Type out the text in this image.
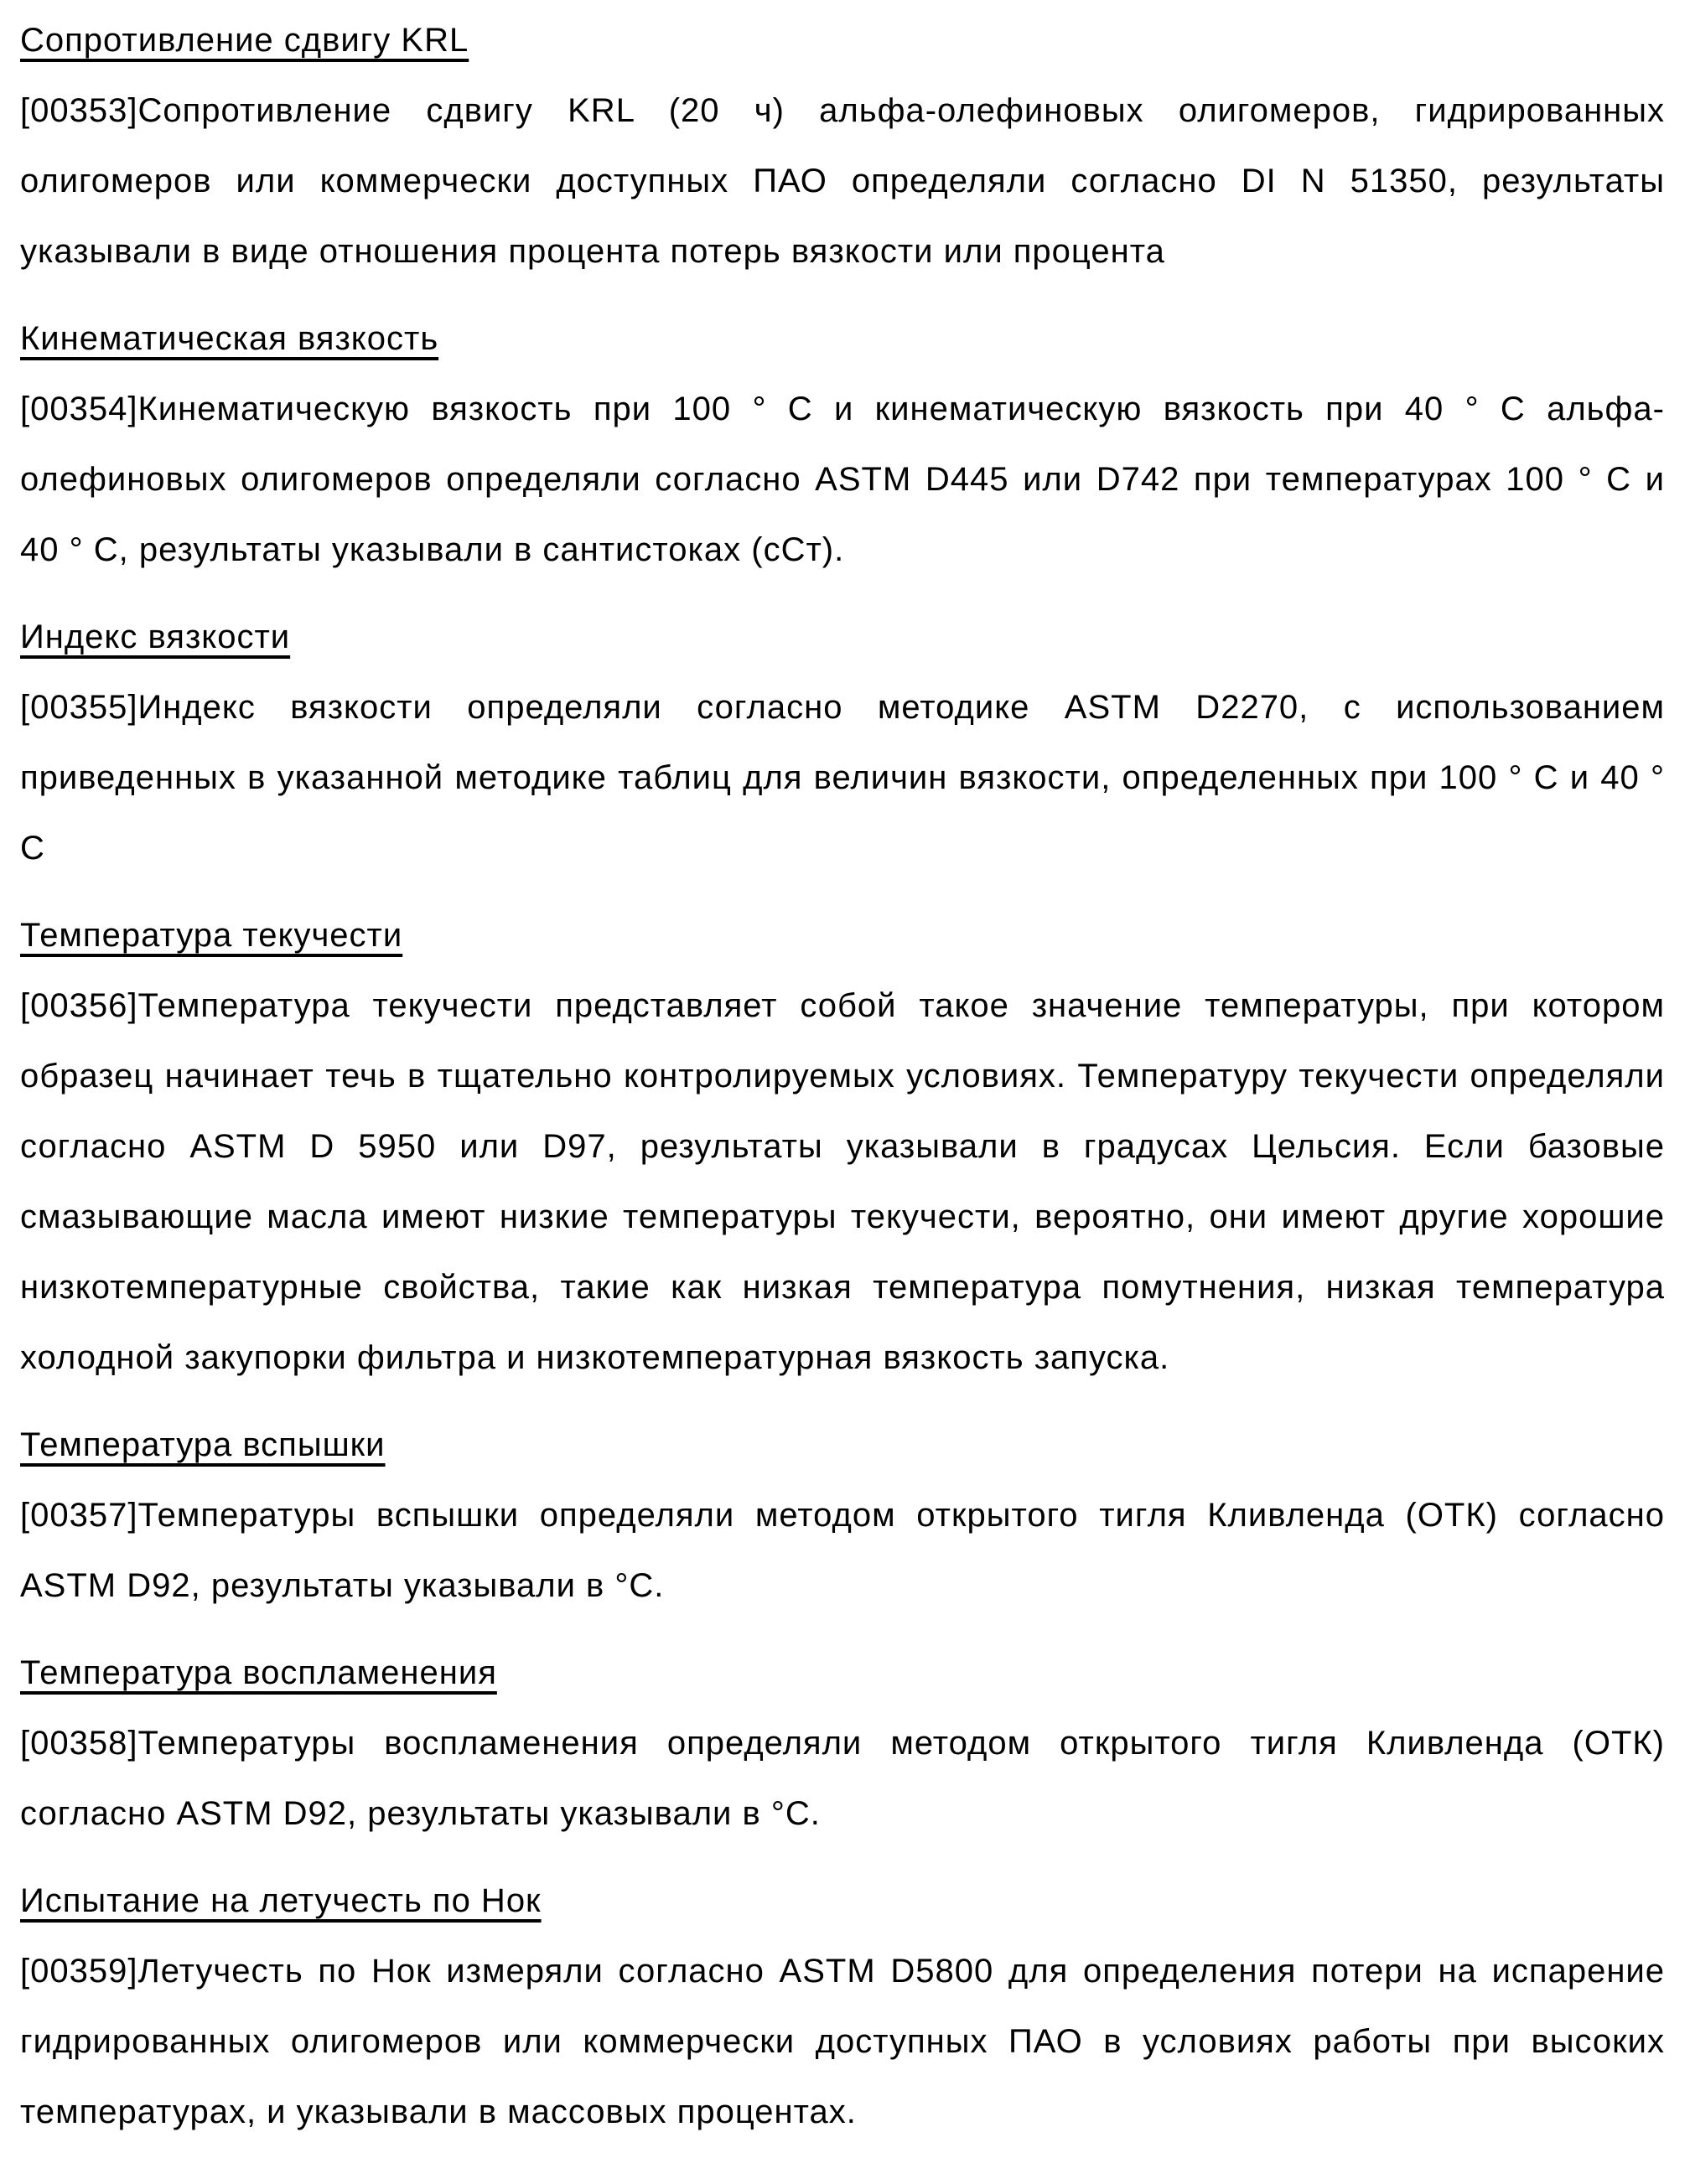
Сопротивление сдвигу KRL

[00353]Сопротивление сдвигу KRL (20 ч) альфа-олефиновых олигомеров, гидрированных олигомеров или коммерчески доступных ПАО определяли согласно DI N 51350, результаты указывали в виде отношения процента потерь вязкости или процента

Кинематическая вязкость

[00354]Кинематическую вязкость при 100 ° С и кинематическую вязкость при 40 ° С альфа-олефиновых олигомеров определяли согласно ASTM D445 или D742 при температурах 100 ° С и 40 ° С, результаты указывали в сантистоках (сСт).

Индекс вязкости

[00355]Индекс вязкости определяли согласно методике ASTM D2270, с использованием приведенных в указанной методике таблиц для величин вязкости, определенных при 100 ° С и 40 ° С

Температура текучести

[00356]Температура текучести представляет собой такое значение температуры, при котором образец начинает течь в тщательно контролируемых условиях. Температуру текучести определяли согласно ASTM D 5950 или D97, результаты указывали в градусах Цельсия. Если базовые смазывающие масла имеют низкие температуры текучести, вероятно, они имеют другие хорошие низкотемпературные свойства, такие как низкая температура помутнения, низкая температура холодной закупорки фильтра и низкотемпературная вязкость запуска.

Температура вспышки

[00357]Температуры вспышки определяли методом открытого тигля Кливленда (ОТК) согласно ASTM D92, результаты указывали в °С.

Температура воспламенения

[00358]Температуры воспламенения определяли методом открытого тигля Кливленда (ОТК) согласно ASTM D92, результаты указывали в °С.

Испытание на летучесть по Нок

[00359]Летучесть по Нок измеряли согласно ASTM D5800 для определения потери на испарение гидрированных олигомеров или коммерчески доступных ПАО в условиях работы при высоких температурах, и указывали в массовых процентах.
